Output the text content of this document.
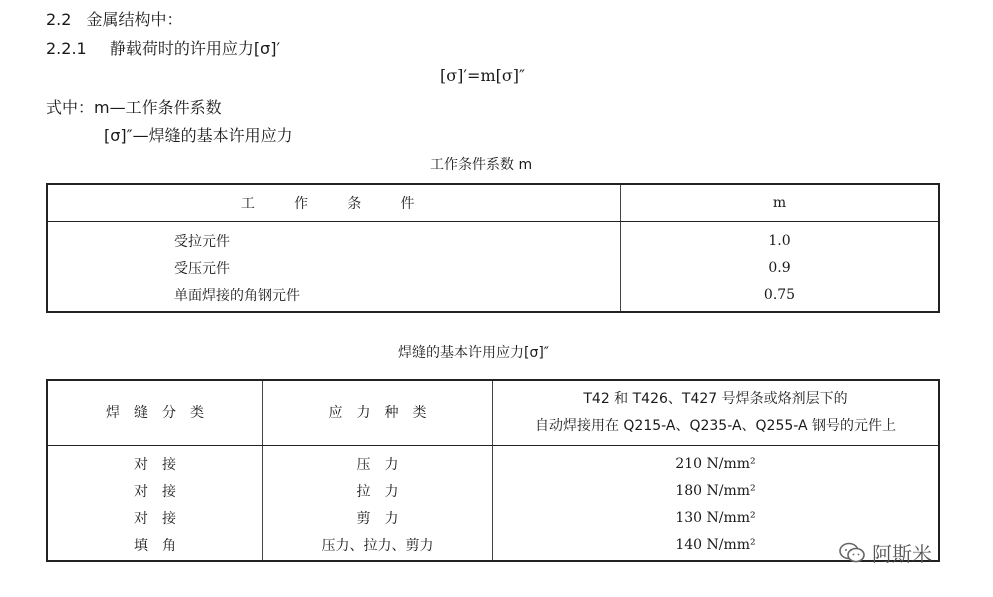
2.2 金属结构中：
2.2.1 静载荷时的许用应力[σ]′
[σ]′=m[σ]″
式中：m—工作条件系数
[σ]″—焊缝的基本许用应力
工作条件系数 m
工　作　条　件	m
受拉元件	1.0
受压元件	0.9
单面焊接的角钢元件	0.75
焊缝的基本许用应力[σ]″
焊　缝　分　类	应　力　种　类	T42 和 T426、T427 号焊条或烙剂层下的
自动焊接用在 Q215-A、Q235-A、Q255-A 钢号的元件上

对　接	压　力	210 N/mm²
对　接	拉　力	180 N/mm²
对　接	剪　力	130 N/mm²
填　角	压力、拉力、剪力	140 N/mm²	阿斯米
